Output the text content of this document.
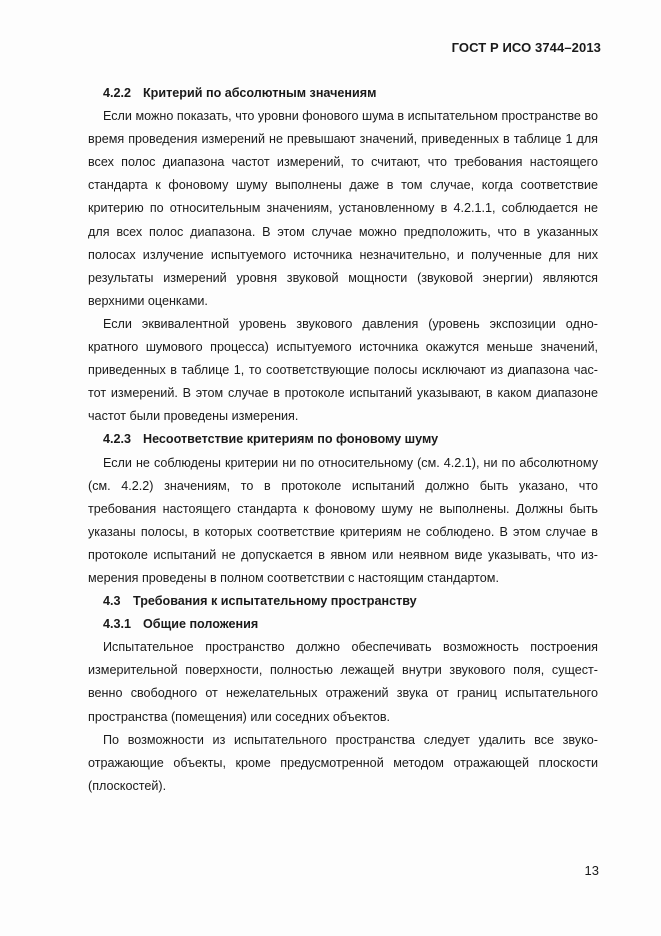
ГОСТ Р ИСО 3744–2013
4.2.2 Критерий по абсолютным значениям

Если можно показать, что уровни фонового шума в испытательном пространстве во время проведения измерений не превышают значений, приведенных в таблице 1 для всех полос диапазона частот измерений, то считают, что требования настоящего стандарта к фоновому шуму выполнены даже в том случае, когда соответствие критерию по относительным значениям, установленному в 4.2.1.1, соблюдается не для всех полос диапазона. В этом случае можно предположить, что в указанных полосах излучение испытуемого источника незначительно, и полученные для них результаты измерений уровня звуковой мощности (звуковой энергии) являются верхними оценками.

Если эквивалентной уровень звукового давления (уровень экспозиции однократного шумового процесса) испытуемого источника окажутся меньше значений, приведенных в таблице 1, то соответствующие полосы исключают из диапазона частот измерений. В этом случае в протоколе испытаний указывают, в каком диапазоне частот были проведены измерения.

4.2.3 Несоответствие критериям по фоновому шуму

Если не соблюдены критерии ни по относительному (см. 4.2.1), ни по абсолютному (см. 4.2.2) значениям, то в протоколе испытаний должно быть указано, что требования настоящего стандарта к фоновому шуму не выполнены. Должны быть указаны полосы, в которых соответствие критериям не соблюдено. В этом случае в протоколе испытаний не допускается в явном или неявном виде указывать, что измерения проведены в полном соответствии с настоящим стандартом.

4.3 Требования к испытательному пространству
4.3.1 Общие положения

Испытательное пространство должно обеспечивать возможность построения измерительной поверхности, полностью лежащей внутри звукового поля, существенно свободного от нежелательных отражений звука от границ испытательного пространства (помещения) или соседних объектов.

По возможности из испытательного пространства следует удалить все звукоотражающие объекты, кроме предусмотренной методом отражающей плоскости (плоскостей).

13
